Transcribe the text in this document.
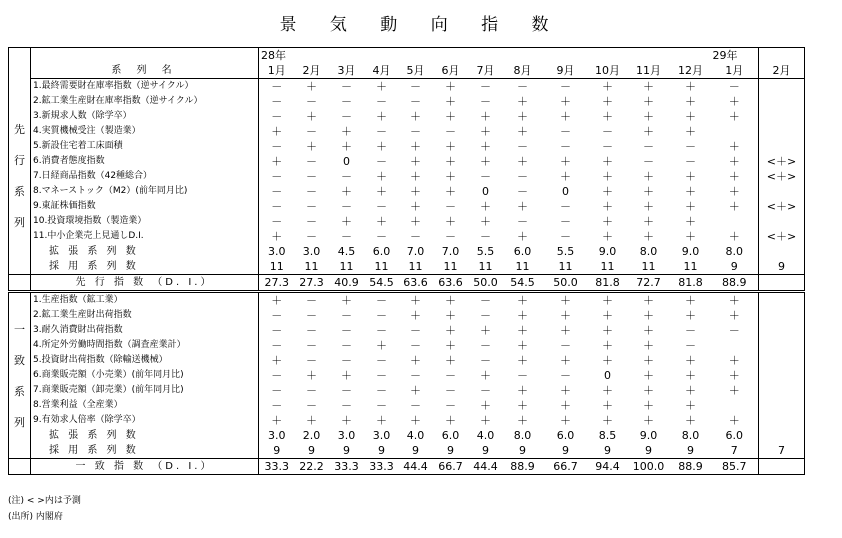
景 気 動 向 指 数
		28年												29年	
	系 列 名	1月	2月	3月	4月	5月	6月	7月	8月	9月	10月	11月	12月	1月	2月

先
行
系
列	1.最終需要財在庫率指数（逆サイクル）	－	＋	－	＋	－	＋	－	－	－	＋	＋	＋	－	
	2.鉱工業生産財在庫率指数（逆サイクル）	－	－	－	－	－	＋	－	＋	＋	＋	＋	＋	＋	
	3.新規求人数（除学卒）	－	＋	－	＋	＋	＋	＋	＋	＋	＋	＋	＋	＋	
	4.実質機械受注（製造業）	＋	－	＋	－	－	－	＋	＋	－	－	＋	＋		
	5.新設住宅着工床面積	－	＋	＋	＋	＋	＋	＋	－	－	－	－	－	＋	
	6.消費者態度指数	＋	－	0	－	＋	＋	＋	＋	＋	＋	－	－	＋	<＋>
	7.日経商品指数（42種総合）	－	－	－	＋	＋	＋	－	－	＋	＋	＋	＋	＋	<＋>
	8.マネーストック（M2）(前年同月比)	－	－	＋	＋	＋	＋	0	－	0	＋	＋	＋	＋	
	9.東証株価指数	－	－	－	－	＋	－	＋	＋	－	＋	＋	＋	＋	<＋>
	10.投資環境指数（製造業）	－	－	＋	＋	＋	＋	＋	－	－	＋	＋	＋		
	11.中小企業売上見通しD.I.	＋	－	－	－	－	－	－	＋	－	＋	＋	＋	＋	<＋>
	拡 張 系 列 数	3.0	3.0	4.5	6.0	7.0	7.0	5.5	6.0	5.5	9.0	8.0	9.0	8.0	
	採 用 系 列 数	11	11	11	11	11	11	11	11	11	11	11	11	9	9
	先 行 指 数 （D. I.）	27.3	27.3	40.9	54.5	63.6	63.6	50.0	54.5	50.0	81.8	72.7	81.8	88.9	

一
致
系
列	1.生産指数（鉱工業）	＋	－	＋	－	＋	＋	－	＋	＋	＋	＋	＋	＋	
	2.鉱工業生産財出荷指数	－	－	－	－	＋	＋	－	＋	＋	＋	＋	＋	＋	
	3.耐久消費財出荷指数	－	－	－	－	－	＋	＋	＋	＋	＋	＋	－	－	
	4.所定外労働時間指数（調査産業計）	－	－	－	＋	－	＋	－	＋	－	＋	＋	－		
	5.投資財出荷指数（除輸送機械）	＋	－	－	－	＋	＋	－	＋	＋	＋	＋	＋	＋	
	6.商業販売額（小売業）(前年同月比)	－	＋	＋	－	－	－	＋	－	－	0	＋	＋	＋	
	7.商業販売額（卸売業）(前年同月比)	－	－	－	－	＋	－	－	＋	＋	＋	＋	＋	＋	
	8.営業利益（全産業）	－	－	－	－	－	－	＋	＋	＋	＋	＋	＋		
	9.有効求人倍率（除学卒）	＋	＋	＋	＋	＋	＋	＋	＋	＋	＋	＋	＋	＋	
	拡 張 系 列 数	3.0	2.0	3.0	3.0	4.0	6.0	4.0	8.0	6.0	8.5	9.0	8.0	6.0	
	採 用 系 列 数	9	9	9	9	9	9	9	9	9	9	9	9	7	7
	一 致 指 数 （D. I.）	33.3	22.2	33.3	33.3	44.4	66.7	44.4	88.9	66.7	94.4	100.0	88.9	85.7	
(注) < >内は予測
(出所) 内閣府
